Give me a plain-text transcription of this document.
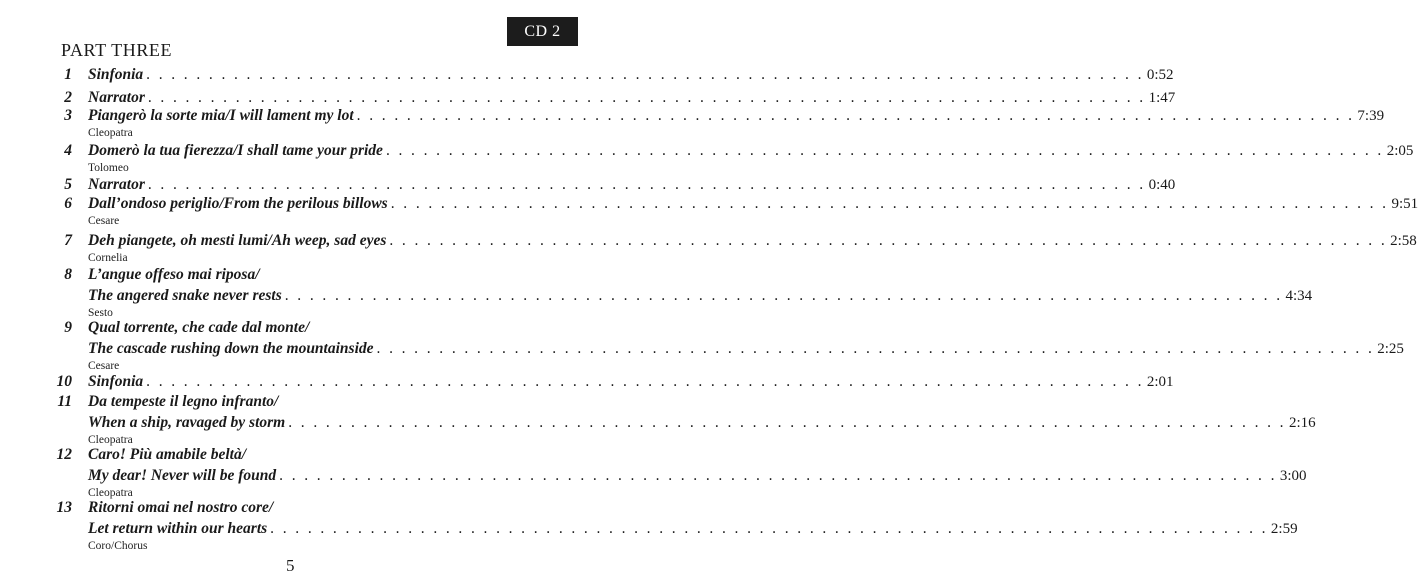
CD 2
PART THREE
1 Sinfonia . . . . . . . . . . . . . . . . . . . . . . . . . . . . . . . . . . . . . . . . . . . . . . . . . . . . . . . . . . . . . . . . . . . . . . . . . . . . . . . . 0:52
2 Narrator . . . . . . . . . . . . . . . . . . . . . . . . . . . . . . . . . . . . . . . . . . . . . . . . . . . . . . . . . . . . . . . . . . . . . . . . . . . . . . . . 1:47
3 Piangerò la sorte mia/I will lament my lot . . . . . . . . . . . . . . . . . . . . . . . . . . . . . . . . . . . . . . . . . . . . . . . . . . . . . . . . . . . . . . . . . . . . . . . . . . . . . . . . 7:39
Cleopatra
4 Domerò la tua fierezza/I shall tame your pride . . . . . . . . . . . . . . . . . . . . . . . . . . . . . . . . . . . . . . . . . . . . . . . . . . . . . . . . . . . . . . . . . . . . . . . . . . . . . . . . 2:05
Tolomeo
5 Narrator . . . . . . . . . . . . . . . . . . . . . . . . . . . . . . . . . . . . . . . . . . . . . . . . . . . . . . . . . . . . . . . . . . . . . . . . . . . . . . . . 0:40
6 Dall’ondoso periglio/From the perilous billows . . . . . . . . . . . . . . . . . . . . . . . . . . . . . . . . . . . . . . . . . . . . . . . . . . . . . . . . . . . . . . . . . . . . . . . . . . . . . . . . 9:51
Cesare
7 Deh piangete, oh mesti lumi/Ah weep, sad eyes . . . . . . . . . . . . . . . . . . . . . . . . . . . . . . . . . . . . . . . . . . . . . . . . . . . . . . . . . . . . . . . . . . . . . . . . . . . . . . . . 2:58
Cornelia
8 L’angue offeso mai riposa/
The angered snake never rests . . . . . . . . . . . . . . . . . . . . . . . . . . . . . . . . . . . . . . . . . . . . . . . . . . . . . . . . . . . . . . . . . . . . . . . . . . . . . . . . 4:34
Sesto
9 Qual torrente, che cade dal monte/
The cascade rushing down the mountainside . . . . . . . . . . . . . . . . . . . . . . . . . . . . . . . . . . . . . . . . . . . . . . . . . . . . . . . . . . . . . . . . . . . . . . . . . . . . . . . . 2:25
Cesare
10 Sinfonia . . . . . . . . . . . . . . . . . . . . . . . . . . . . . . . . . . . . . . . . . . . . . . . . . . . . . . . . . . . . . . . . . . . . . . . . . . . . . . . . 2:01
11 Da tempeste il legno infranto/
When a ship, ravaged by storm . . . . . . . . . . . . . . . . . . . . . . . . . . . . . . . . . . . . . . . . . . . . . . . . . . . . . . . . . . . . . . . . . . . . . . . . . . . . . . . . 2:16
Cleopatra
12 Caro! Più amabile beltà/
My dear! Never will be found . . . . . . . . . . . . . . . . . . . . . . . . . . . . . . . . . . . . . . . . . . . . . . . . . . . . . . . . . . . . . . . . . . . . . . . . . . . . . . . . 3:00
Cleopatra
13 Ritorni omai nel nostro core/
Let return within our hearts . . . . . . . . . . . . . . . . . . . . . . . . . . . . . . . . . . . . . . . . . . . . . . . . . . . . . . . . . . . . . . . . . . . . . . . . . . . . . . . . 2:59
Coro/Chorus
5
